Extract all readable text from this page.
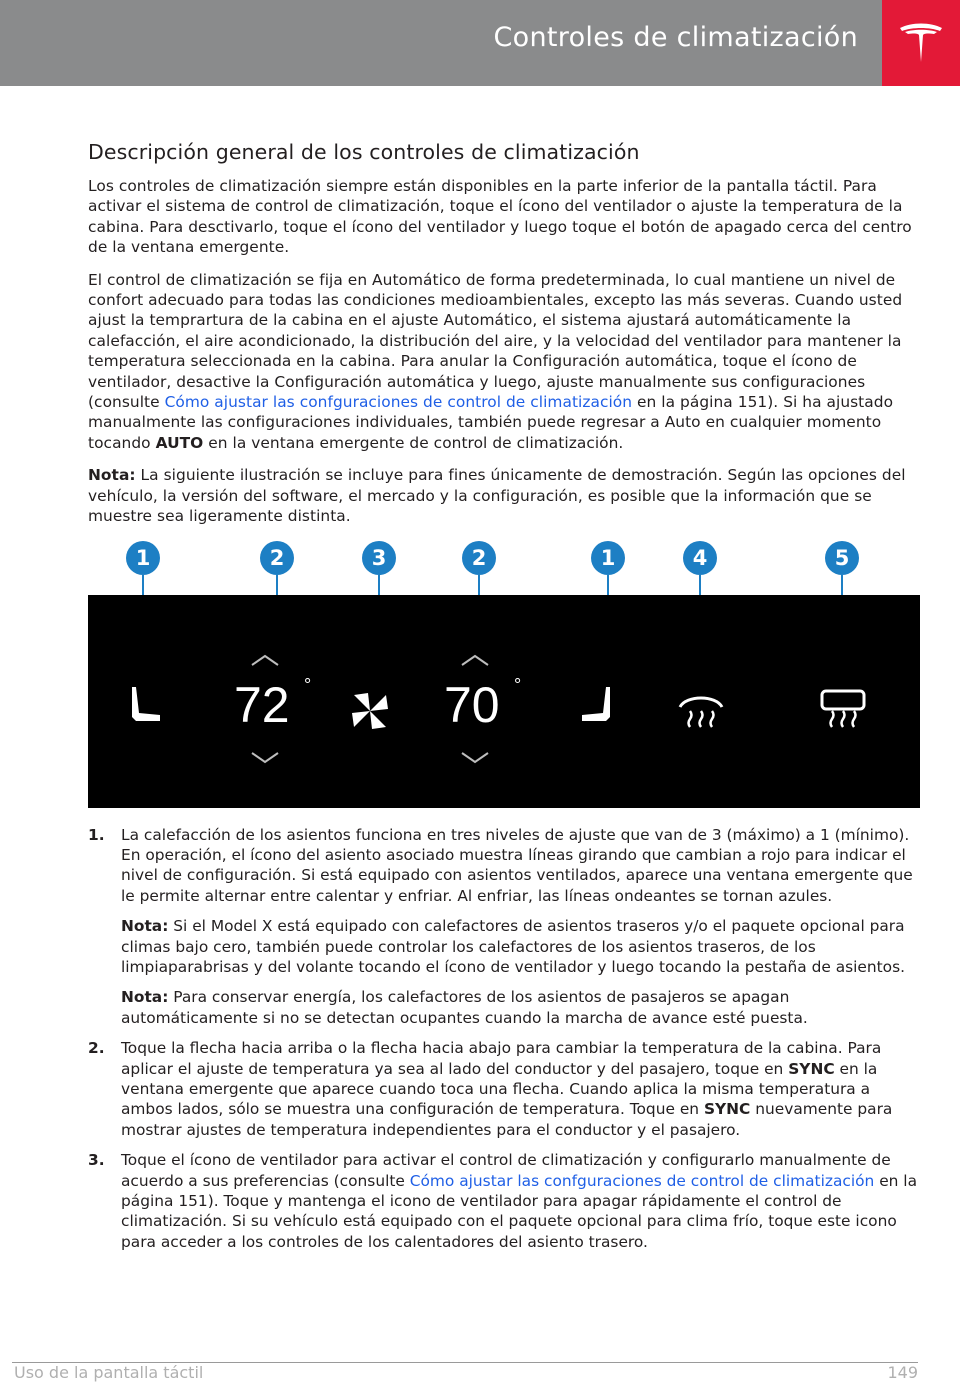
Controles de climatización
Descripción general de los controles de climatización

Los controles de climatización siempre están disponibles en la parte inferior de la pantalla táctil. Para activar el sistema de control de climatización, toque el ícono del ventilador o ajuste la temperatura de la cabina. Para desctivarlo, toque el ícono del ventilador y luego toque el botón de apagado cerca del centro de la ventana emergente.

El control de climatización se fija en Automático de forma predeterminada, lo cual mantiene un nivel de confort adecuado para todas las condiciones medioambientales, excepto las más severas. Cuando usted ajust la temprartura de la cabina en el ajuste Automático, el sistema ajustará automáticamente la calefacción, el aire acondicionado, la distribución del aire, y la velocidad del ventilador para mantener la temperatura seleccionada en la cabina. Para anular la Configuración automática, toque el ícono de ventilador, desactive la Configuración automática y luego, ajuste manualmente sus configuraciones (consulte Cómo ajustar las confguraciones de control de climatización en la página 151). Si ha ajustado manualmente las configuraciones individuales, también puede regresar a Auto en cualquier momento tocando AUTO en la ventana emergente de control de climatización.

Nota: La siguiente ilustración se incluye para fines únicamente de demostración. Según las opciones del vehículo, la versión del software, el mercado y la configuración, es posible que la información que se muestre sea ligeramente distinta.

1	2	3	2	1	4	5
72 °	70 °
1. La calefacción de los asientos funciona en tres niveles de ajuste que van de 3 (máximo) a 1 (mínimo). En operación, el ícono del asiento asociado muestra líneas girando que cambian a rojo para indicar el nivel de configuración. Si está equipado con asientos ventilados, aparece una ventana emergente que le permite alternar entre calentar y enfriar. Al enfriar, las líneas ondeantes se tornan azules.

Nota: Si el Model X está equipado con calefactores de asientos traseros y/o el paquete opcional para climas bajo cero, también puede controlar los calefactores de los asientos traseros, de los limpiaparabrisas y del volante tocando el ícono de ventilador y luego tocando la pestaña de asientos.

Nota: Para conservar energía, los calefactores de los asientos de pasajeros se apagan automáticamente si no se detectan ocupantes cuando la marcha de avance esté puesta.

2. Toque la flecha hacia arriba o la flecha hacia abajo para cambiar la temperatura de la cabina. Para aplicar el ajuste de temperatura ya sea al lado del conductor y del pasajero, toque en SYNC en la ventana emergente que aparece cuando toca una flecha. Cuando aplica la misma temperatura a ambos lados, sólo se muestra una configuración de temperatura. Toque en SYNC nuevamente para mostrar ajustes de temperatura independientes para el conductor y el pasajero.
3. Toque el ícono de ventilador para activar el control de climatización y configurarlo manualmente de acuerdo a sus preferencias (consulte Cómo ajustar las confguraciones de control de climatización en la página 151). Toque y mantenga el icono de ventilador para apagar rápidamente el control de climatización. Si su vehículo está equipado con el paquete opcional para clima frío, toque este icono para acceder a los controles de los calentadores del asiento trasero.
Uso de la pantalla táctil	149
